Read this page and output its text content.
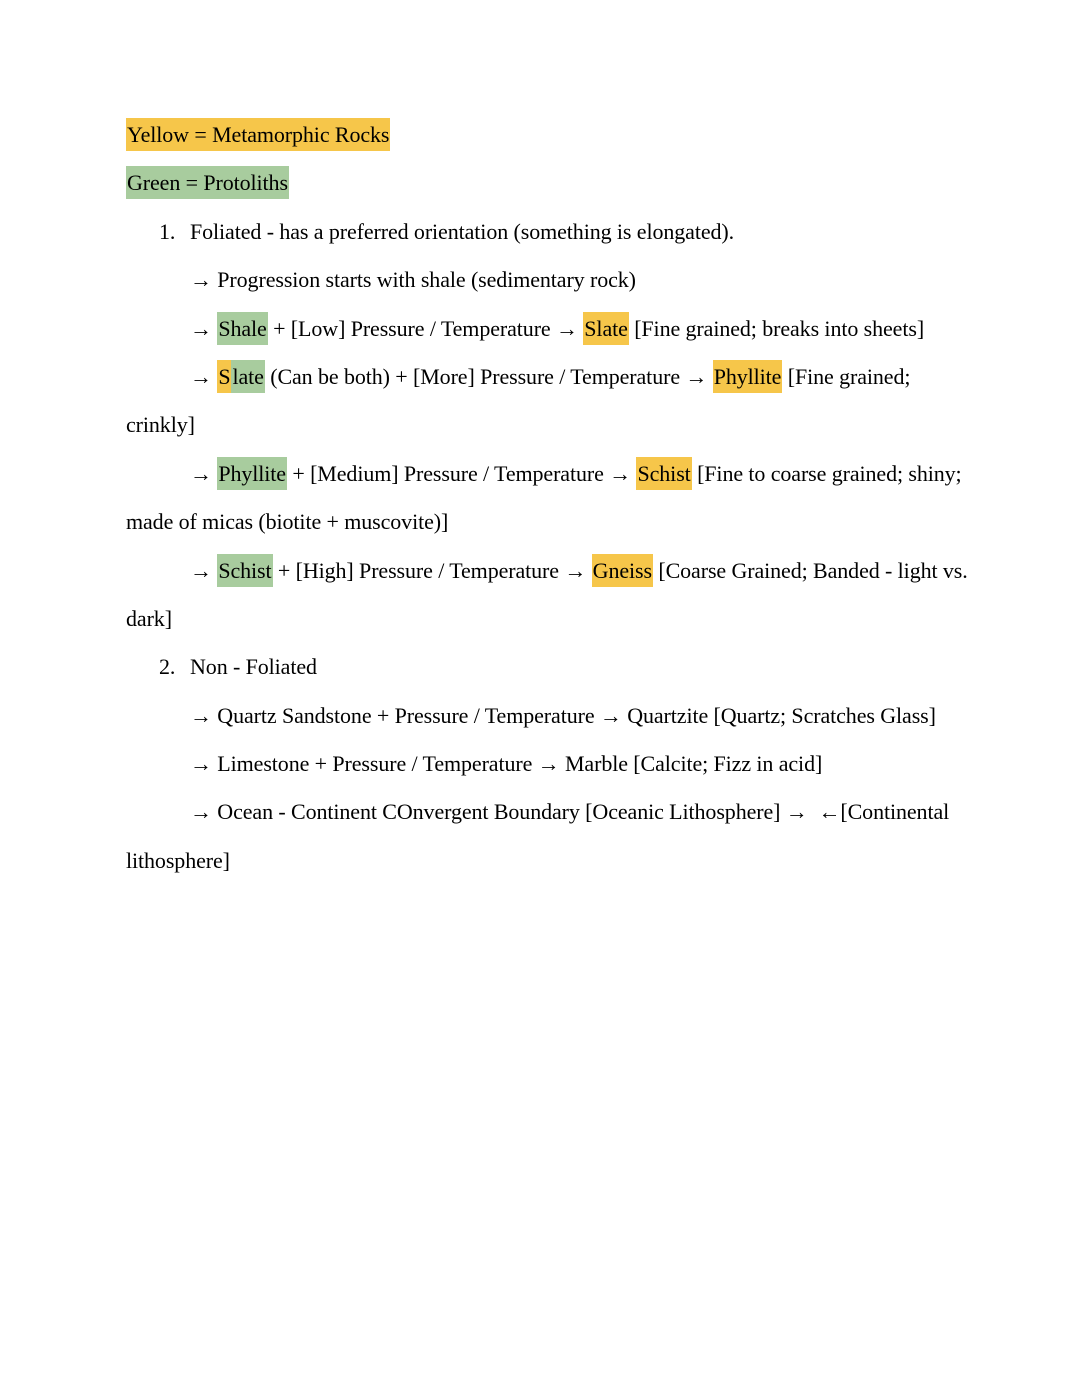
Yellow = Metamorphic Rocks
Green = Protoliths
1. Foliated - has a preferred orientation (something is elongated).
→ Progression starts with shale (sedimentary rock)
→ Shale + [Low] Pressure / Temperature → Slate [Fine grained; breaks into sheets]
→ Slate (Can be both) + [More] Pressure / Temperature → Phyllite [Fine grained;
crinkly]
→ Phyllite + [Medium] Pressure / Temperature → Schist [Fine to coarse grained; shiny;
made of micas (biotite + muscovite)]
→ Schist + [High] Pressure / Temperature → Gneiss [Coarse Grained; Banded - light vs.
dark]
2. Non - Foliated
→ Quartz Sandstone + Pressure / Temperature → Quartzite [Quartz; Scratches Glass]
→ Limestone + Pressure / Temperature → Marble [Calcite; Fizz in acid]
→ Ocean - Continent COnvergent Boundary [Oceanic Lithosphere] →  ←[Continental
lithosphere]
